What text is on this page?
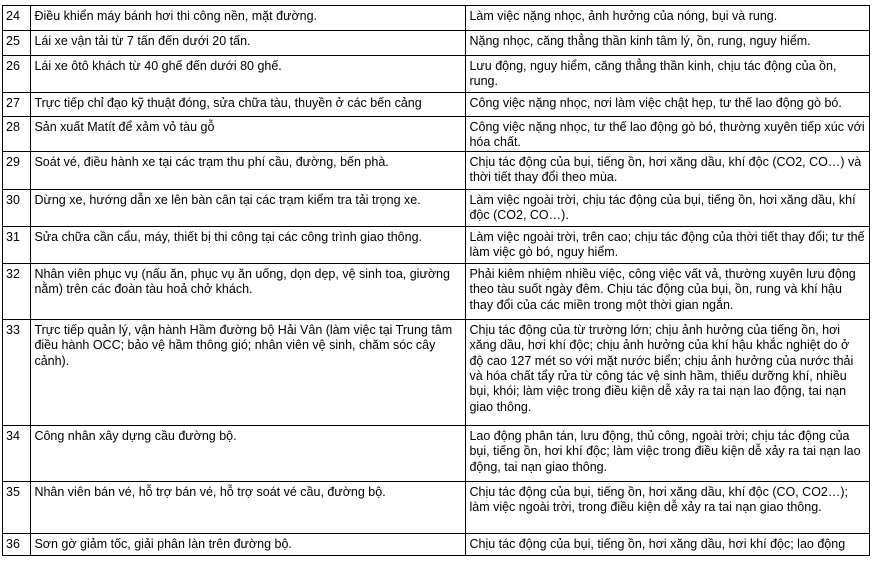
24	Điều khiển máy bánh hơi thi công nền, mặt đường.	Làm việc nặng nhọc, ảnh hưởng của nóng, bụi và rung.
25	Lái xe vận tải từ 7 tấn đến dưới 20 tấn.	Nặng nhọc, căng thẳng thần kinh tâm lý, ồn, rung, nguy hiểm.
26	Lái xe ôtô khách từ 40 ghế đến dưới 80 ghế.	Lưu động, nguy hiểm, căng thẳng thần kinh, chịu tác động của ồn, rung.
27	Trực tiếp chỉ đạo kỹ thuật đóng, sửa chữa tàu, thuyền ở các bến cảng	Công việc nặng nhọc, nơi làm việc chật hẹp, tư thế lao động gò bó.
28	Sản xuất Matít để xảm vỏ tàu gỗ	Công việc nặng nhọc, tư thế lao động gò bó, thường xuyên tiếp xúc với hóa chất.
29	Soát vé, điều hành xe tại các trạm thu phí cầu, đường, bến phà.	Chịu tác động của bụi, tiếng ồn, hơi xăng dầu, khí độc (CO2, CO…) và thời tiết thay đổi theo mùa.
30	Dừng xe, hướng dẫn xe lên bàn cân tại các trạm kiểm tra tải trọng xe.	Làm việc ngoài trời, chịu tác động của bụi, tiếng ồn, hơi xăng dầu, khí độc (CO2, CO…).
31	Sửa chữa cần cẩu, máy, thiết bị thi công tại các công trình giao thông.	Làm việc ngoài trời, trên cao; chịu tác động của thời tiết thay đổi; tư thế làm việc gò bó, nguy hiểm.
32	Nhân viên phục vụ (nấu ăn, phục vụ ăn uống, dọn dẹp, vệ sinh toa, giường nằm) trên các đoàn tàu hoả chở khách.	Phải kiêm nhiệm nhiều việc, công việc vất vả, thường xuyên lưu động theo tàu suốt ngày đêm. Chịu tác động của bụi, ồn, rung và khí hậu thay đổi của các miền trong một thời gian ngắn.
33	Trực tiếp quản lý, vận hành Hầm đường bộ Hải Vân (làm việc tại Trung tâm điều hành OCC; bảo vệ hầm thông gió; nhân viên vệ sinh, chăm sóc cây cảnh).	Chịu tác động của từ trường lớn; chịu ảnh hưởng của tiếng ồn, hơi xăng dầu, hơi khí độc; chịu ảnh hưởng của khí hậu khắc nghiệt do ở độ cao 127 mét so với mặt nước biển; chịu ảnh hưởng của nước thải và hóa chất tẩy rửa từ công tác vệ sinh hầm, thiếu dưỡng khí, nhiều bụi, khói; làm việc trong điều kiện dễ xảy ra tai nạn lao động, tai nạn giao thông.
34	Công nhân xây dựng cầu đường bộ.	Lao động phân tán, lưu động, thủ công, ngoài trời; chịu tác động của bụi, tiếng ồn, hơi khí độc; làm việc trong điều kiện dễ xảy ra tai nạn lao động, tai nạn giao thông.
35	Nhân viên bán vé, hỗ trợ bán vé, hỗ trợ soát vé cầu, đường bộ.	Chịu tác động của bụi, tiếng ồn, hơi xăng dầu, khí độc (CO, CO2…); làm việc ngoài trời, trong điều kiện dễ xảy ra tai nạn giao thông.
36	Sơn gờ giảm tốc, giải phân làn trên đường bộ.	Chịu tác động của bụi, tiếng ồn, hơi xăng dầu, hơi khí độc; lao động
